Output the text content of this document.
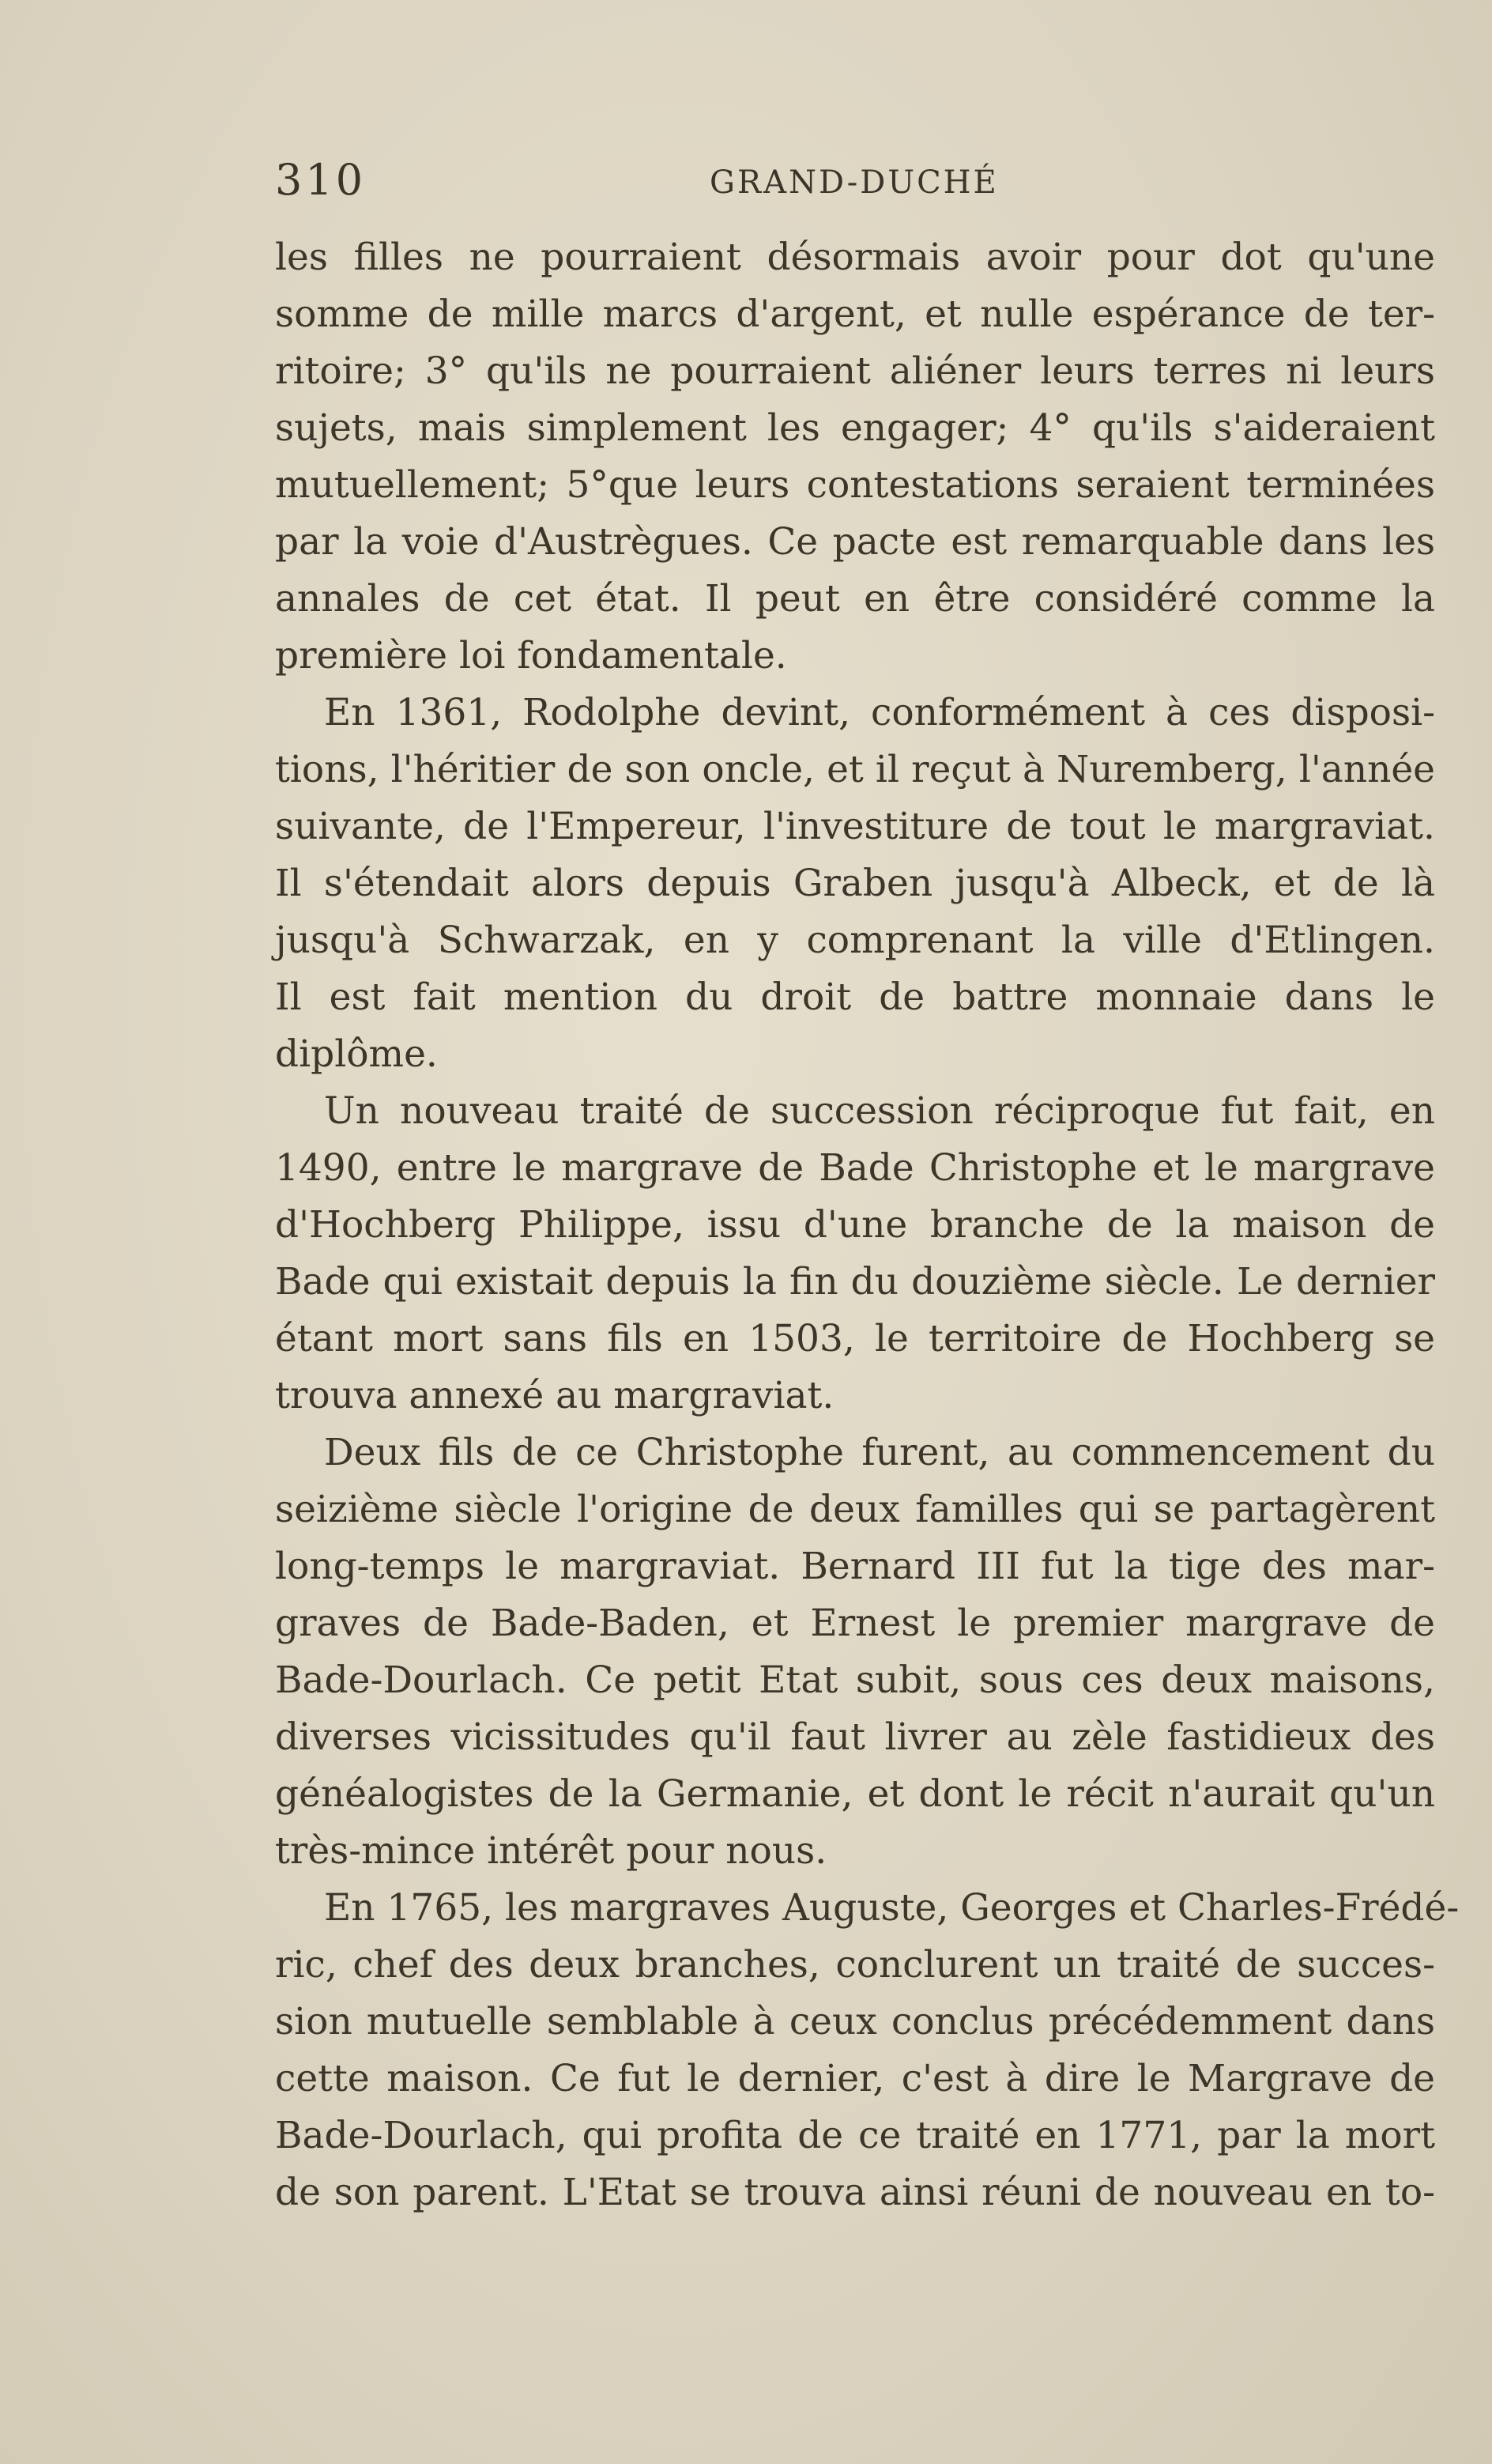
310	GRAND-DUCHÉ
les filles ne pourraient désormais avoir pour dot qu'une
somme de mille marcs d'argent, et nulle espérance de ter-
ritoire; 3° qu'ils ne pourraient aliéner leurs terres ni leurs
sujets, mais simplement les engager; 4° qu'ils s'aideraient
mutuellement; 5°que leurs contestations seraient terminées
par la voie d'Austrègues. Ce pacte est remarquable dans les
annales de cet état. Il peut en être considéré comme la
première loi fondamentale.
En 1361, Rodolphe devint, conformément à ces disposi-
tions, l'héritier de son oncle, et il reçut à Nuremberg, l'année
suivante, de l'Empereur, l'investiture de tout le margraviat.
Il s'étendait alors depuis Graben jusqu'à Albeck, et de là
jusqu'à Schwarzak, en y comprenant la ville d'Etlingen.
Il est fait mention du droit de battre monnaie dans le
diplôme.
Un nouveau traité de succession réciproque fut fait, en
1490, entre le margrave de Bade Christophe et le margrave
d'Hochberg Philippe, issu d'une branche de la maison de
Bade qui existait depuis la fin du douzième siècle. Le dernier
étant mort sans fils en 1503, le territoire de Hochberg se
trouva annexé au margraviat.
Deux fils de ce Christophe furent, au commencement du
seizième siècle l'origine de deux familles qui se partagèrent
long-temps le margraviat. Bernard III fut la tige des mar-
graves de Bade-Baden, et Ernest le premier margrave de
Bade-Dourlach. Ce petit Etat subit, sous ces deux maisons,
diverses vicissitudes qu'il faut livrer au zèle fastidieux des
généalogistes de la Germanie, et dont le récit n'aurait qu'un
très-mince intérêt pour nous.
En 1765, les margraves Auguste, Georges et Charles-Frédé-
ric, chef des deux branches, conclurent un traité de succes-
sion mutuelle semblable à ceux conclus précédemment dans
cette maison. Ce fut le dernier, c'est à dire le Margrave de
Bade-Dourlach, qui profita de ce traité en 1771, par la mort
de son parent. L'Etat se trouva ainsi réuni de nouveau en to-
